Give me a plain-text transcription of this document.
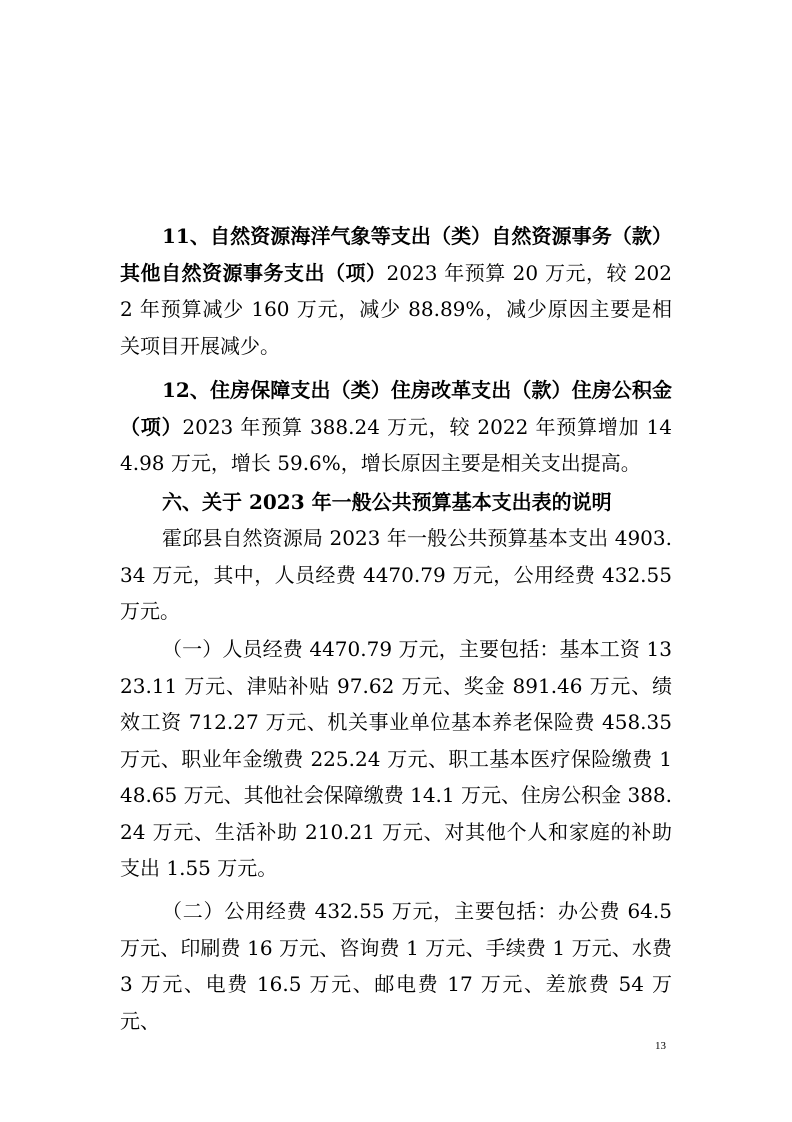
11、自然资源海洋气象等支出（类）自然资源事务（款）其他自然资源事务支出（项）2023 年预算 20 万元，较 2022 年预算减少 160 万元，减少 88.89%，减少原因主要是相关项目开展减少。

12、住房保障支出（类）住房改革支出（款）住房公积金（项）2023 年预算 388.24 万元，较 2022 年预算增加 144.98 万元，增长 59.6%，增长原因主要是相关支出提高。

六、关于 2023 年一般公共预算基本支出表的说明

霍邱县自然资源局 2023 年一般公共预算基本支出 4903.34 万元，其中，人员经费 4470.79 万元，公用经费 432.55 万元。

（一）人员经费 4470.79 万元，主要包括：基本工资 1323.11 万元、津贴补贴 97.62 万元、奖金 891.46 万元、绩效工资 712.27 万元、机关事业单位基本养老保险费 458.35 万元、职业年金缴费 225.24 万元、职工基本医疗保险缴费 148.65 万元、其他社会保障缴费 14.1 万元、住房公积金 388.24 万元、生活补助 210.21 万元、对其他个人和家庭的补助支出 1.55 万元。

（二）公用经费 432.55 万元，主要包括：办公费 64.5 万元、印刷费 16 万元、咨询费 1 万元、手续费 1 万元、水费 3 万元、电费 16.5 万元、邮电费 17 万元、差旅费 54 万元、

13
